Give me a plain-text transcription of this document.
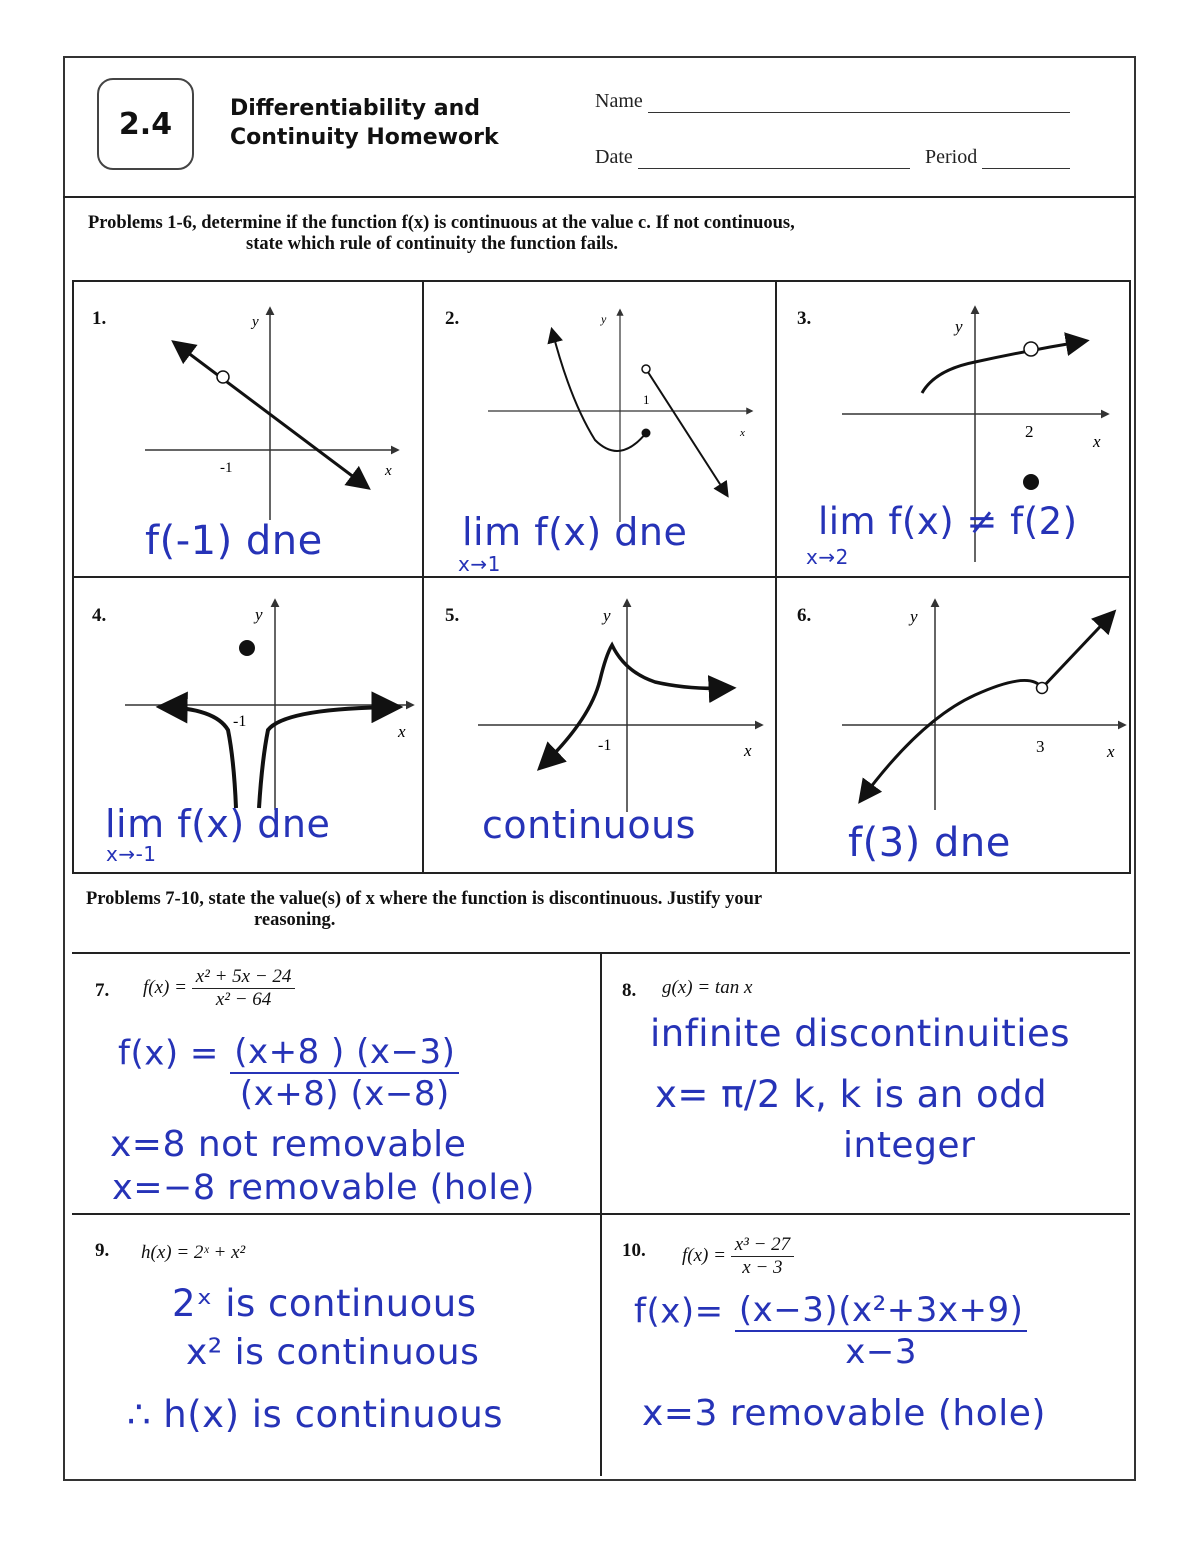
2.4	Differentiability and
Continuity Homework
Name
Date	Period
Problems 1-6, determine if the function f(x) is continuous at the value c. If not continuous,
state which rule of continuity the function fails.
1.	2.	3.
4.	5.	6.
y
x
-1
y
x
1
y
x
2
y
x
-1
y
x
-1
y
x
3
f(-1) dne	lim f(x) dne
x→1
lim f(x) ≠ f(2)
x→2
lim f(x) dne
x→-1
continuous	f(3) dne
Problems 7-10, state the value(s) of x where the function is discontinuous. Justify your
reasoning.
7. $f(x) = \frac{\text{x² + 5x − 24}}{\text{x² − 64}}$
$f(x) = \frac{(x+8 ) (x-3)}{(x+8) (x-8)}$
x=8 not removable
x=−8 removable (hole)
8. g(x) = tan x
infinite discontinuities
x= π/2 k, k is an odd
integer
9. h(x) = 2ˣ + x²
2ˣ is continuous
x² is continuous
∴ h(x) is continuous
10. $f(x) = \frac{\text{x³ − 27}}{x - 3}$
$f(x)= \frac{\text{(x−3)(x²+3x+9)}}{x-3}$
x=3 removable (hole)
